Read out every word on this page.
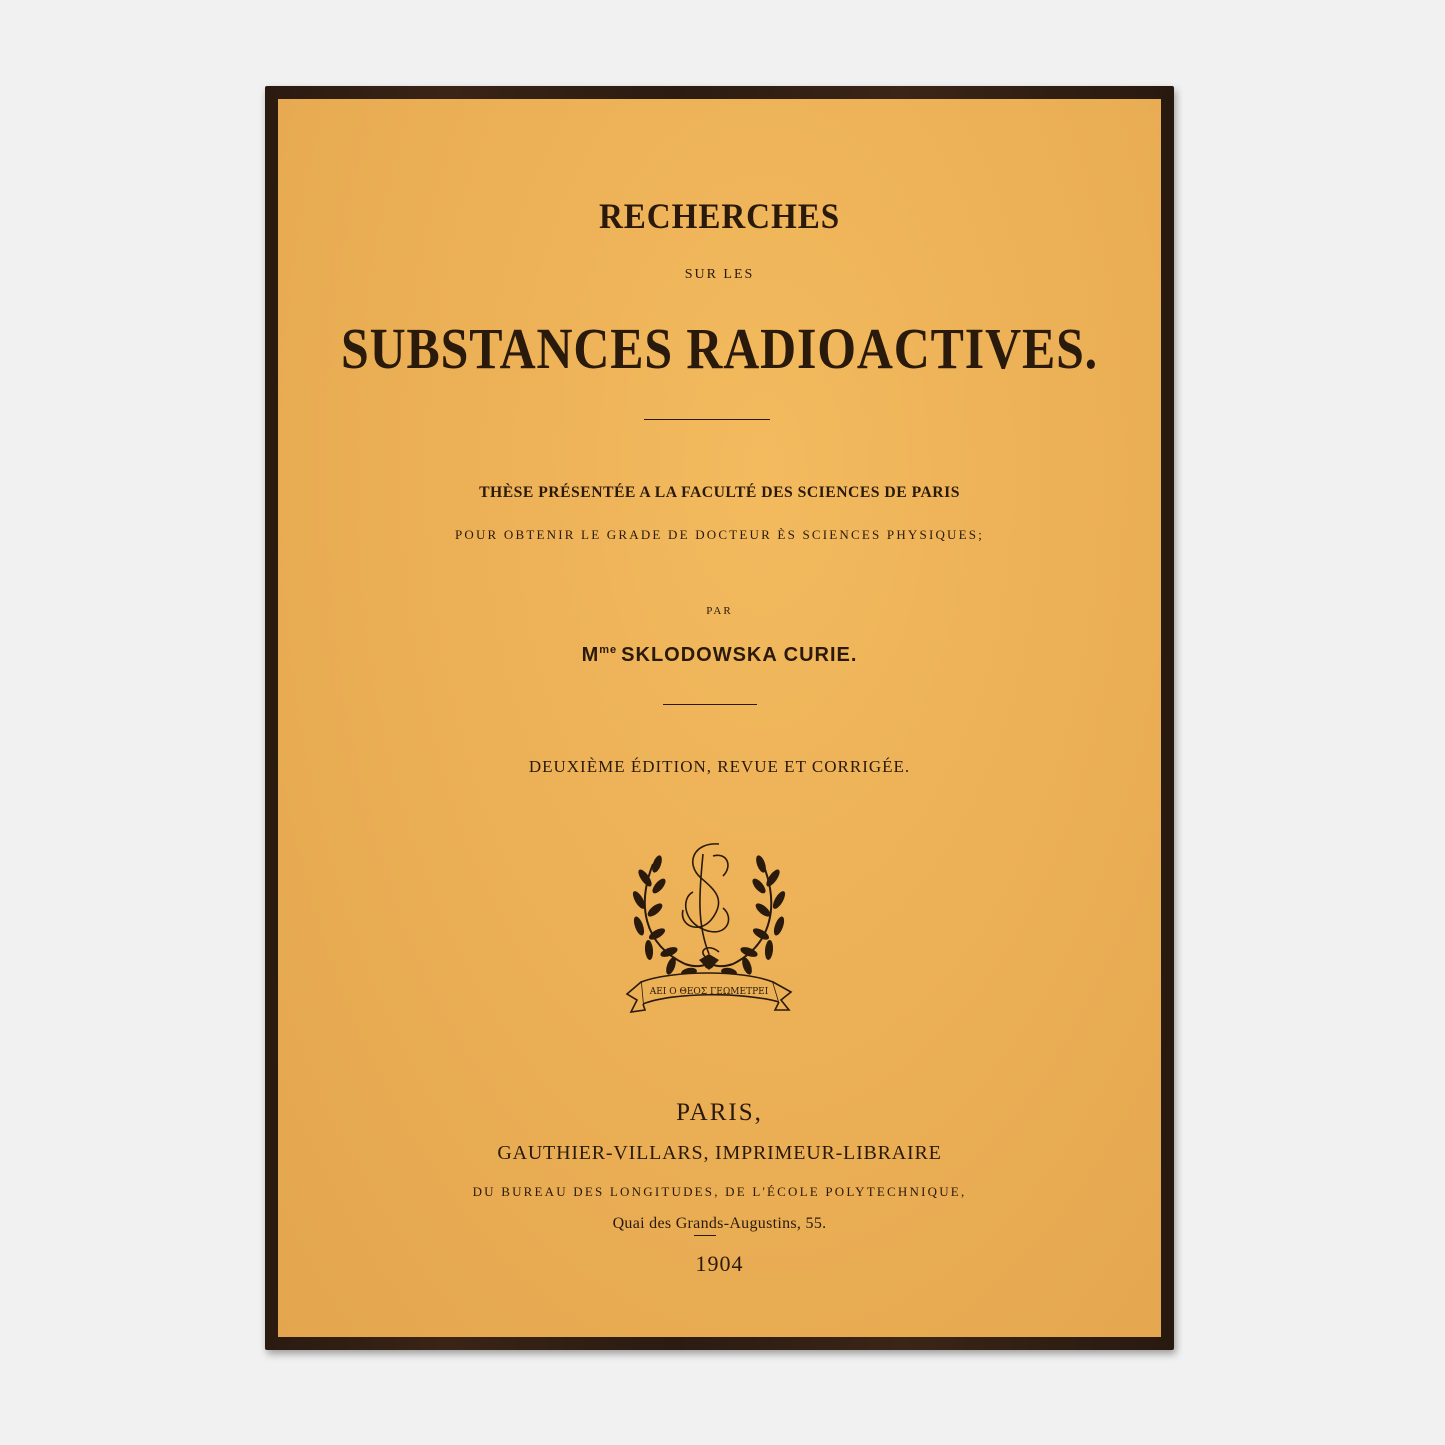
RECHERCHES
SUR LES
SUBSTANCES RADIOACTIVES.
THÈSE PRÉSENTÉE A LA FACULTÉ DES SCIENCES DE PARIS
POUR OBTENIR LE GRADE DE DOCTEUR ÈS SCIENCES PHYSIQUES;
PAR
$M^{me}$ SKLODOWSKA CURIE.
DEUXIÈME ÉDITION, REVUE ET CORRIGÉE.
ΑΕΙ Ο ΘΕΟΣ ΓΕΩΜΕΤΡΕΙ
PARIS,
GAUTHIER-VILLARS, IMPRIMEUR-LIBRAIRE
DU BUREAU DES LONGITUDES, DE L'ÉCOLE POLYTECHNIQUE,
Quai des Grands-Augustins, 55.
1904
